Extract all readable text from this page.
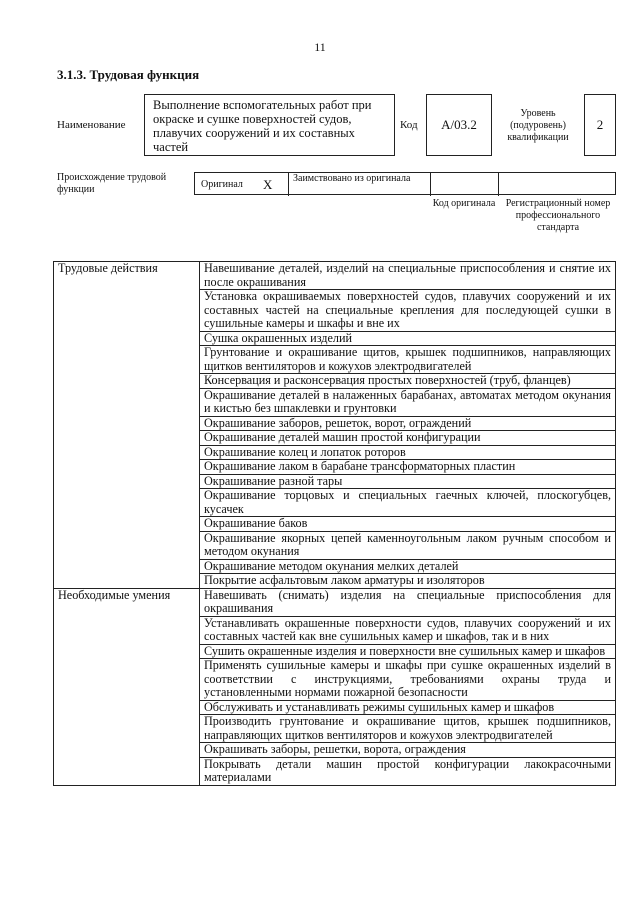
11
3.1.3. Трудовая функция
Наименование
Выполнение вспомогательных работ при окраске и сушке поверхностей судов, плавучих сооружений и их составных частей
Код	А/03.2
Уровень (подуровень) квалификации
2
Происхождение трудовой функции	Оригинал X Заимствовано из оригинала
Код оригинала	Регистрационный номер профессионального стандарта
Трудовые действия	Навешивание деталей, изделий на специальные приспособления и снятие их после окрашивания
	Установка окрашиваемых поверхностей судов, плавучих сооружений и их составных частей на специальные крепления для последующей сушки в сушильные камеры и шкафы и вне их
	Сушка окрашенных изделий
	Грунтование и окрашивание щитов, крышек подшипников, направляющих щитков вентиляторов и кожухов электродвигателей
	Консервация и расконсервация простых поверхностей (труб, фланцев)
	Окрашивание деталей в налаженных барабанах, автоматах методом окунания и кистью без шпаклевки и грунтовки
	Окрашивание заборов, решеток, ворот, ограждений
	Окрашивание деталей машин простой конфигурации
	Окрашивание колец и лопаток роторов
	Окрашивание лаком в барабане трансформаторных пластин
	Окрашивание разной тары
	Окрашивание торцовых и специальных гаечных ключей, плоскогубцев, кусачек
	Окрашивание баков
	Окрашивание якорных цепей каменноугольным лаком ручным способом и методом окунания
	Окрашивание методом окунания мелких деталей
	Покрытие асфальтовым лаком арматуры и изоляторов
Необходимые умения	Навешивать (снимать) изделия на специальные приспособления для окрашивания
	Устанавливать окрашенные поверхности судов, плавучих сооружений и их составных частей как вне сушильных камер и шкафов, так и в них
	Сушить окрашенные изделия и поверхности вне сушильных камер и шкафов
	Применять сушильные камеры и шкафы при сушке окрашенных изделий в соответствии с инструкциями, требованиями охраны труда и установленными нормами пожарной безопасности
	Обслуживать и устанавливать режимы сушильных камер и шкафов
	Производить грунтование и окрашивание щитов, крышек подшипников, направляющих щитков вентиляторов и кожухов электродвигателей
	Окрашивать заборы, решетки, ворота, ограждения
	Покрывать детали машин простой конфигурации лакокрасочными материалами
